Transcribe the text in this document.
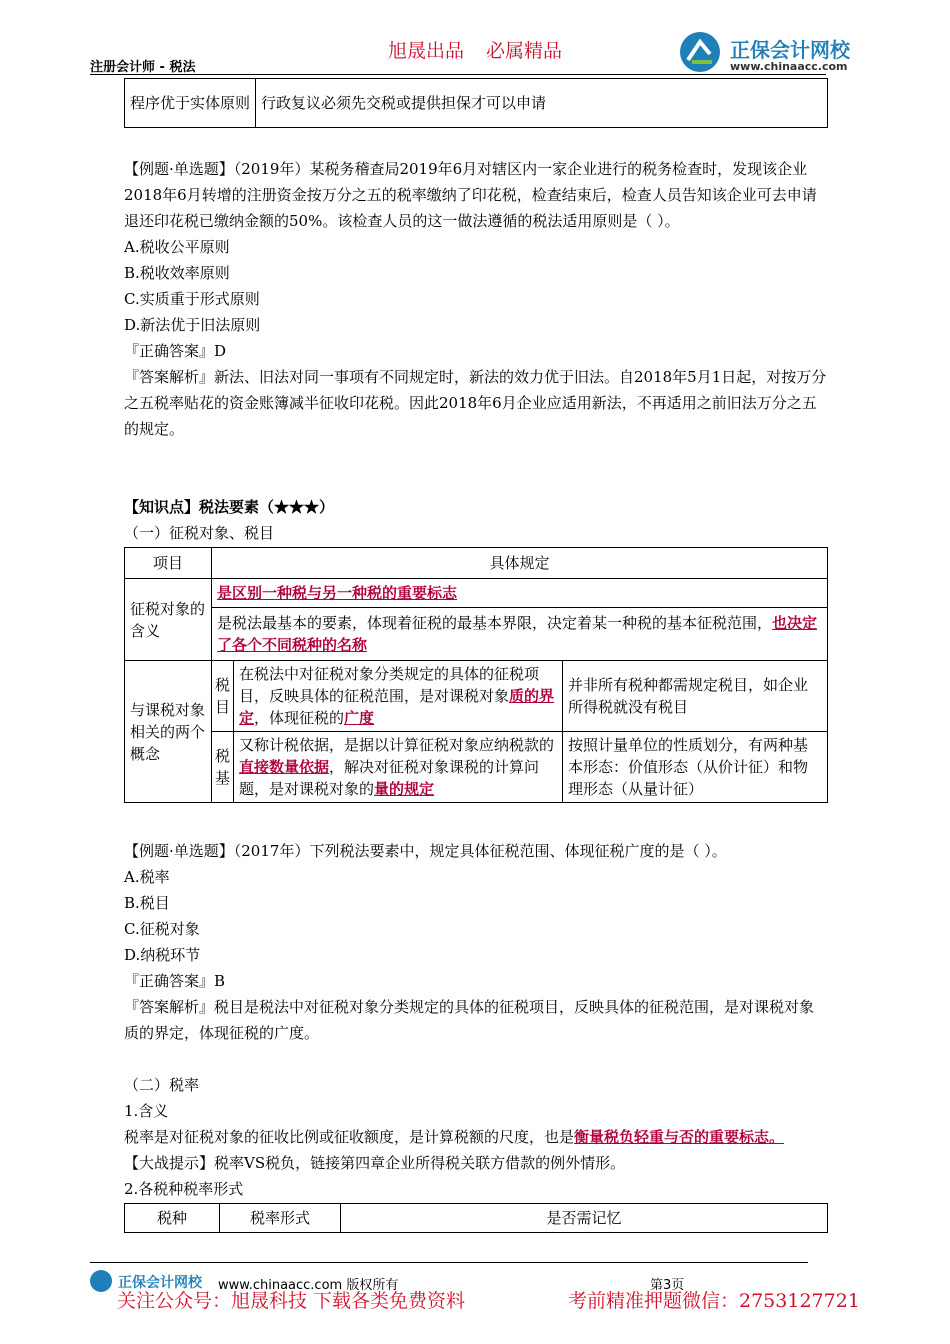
旭晟出品 必属精品
注册会计师 - 税法
正保会计网校
www.chinaacc.com
程序优于实体原则	行政复议必须先交税或提供担保才可以申请
【例题·单选题】（2019年）某税务稽查局2019年6月对辖区内一家企业进行的税务检查时，发现该企业2018年6月转增的注册资金按万分之五的税率缴纳了印花税，检查结束后，检查人员告知该企业可去申请退还印花税已缴纳金额的50%。该检查人员的这一做法遵循的税法适用原则是（ ）。
A.税收公平原则
B.税收效率原则
C.实质重于形式原则
D.新法优于旧法原则
『正确答案』D
『答案解析』新法、旧法对同一事项有不同规定时，新法的效力优于旧法。自2018年5月1日起，对按万分之五税率贴花的资金账簿减半征收印花税。因此2018年6月企业应适用新法，不再适用之前旧法万分之五的规定。
【知识点】税法要素（★★★）
（一）征税对象、税目
项目	具体规定		
征税对象的含义	是区别一种税与另一种税的重要标志		
	是税法最基本的要素，体现着征税的最基本界限，决定着某一种税的基本征税范围，也决定了各个不同税种的名称		
与课税对象相关的两个概念	税目	在税法中对征税对象分类规定的具体的征税项目，反映具体的征税范围，是对课税对象质的界定，体现征税的广度	并非所有税种都需规定税目，如企业所得税就没有税目
	税基	又称计税依据，是据以计算征税对象应纳税款的直接数量依据，解决对征税对象课税的计算问题，是对课税对象的量的规定	按照计量单位的性质划分，有两种基本形态：价值形态（从价计征）和物理形态（从量计征）
【例题·单选题】（2017年）下列税法要素中，规定具体征税范围、体现征税广度的是（ ）。
A.税率
B.税目
C.征税对象
D.纳税环节
『正确答案』B
『答案解析』税目是税法中对征税对象分类规定的具体的征税项目，反映具体的征税范围，是对课税对象质的界定，体现征税的广度。
（二）税率
1.含义
税率是对征税对象的征收比例或征收额度，是计算税额的尺度，也是衡量税负轻重与否的重要标志。
【大战提示】税率VS税负，链接第四章企业所得税关联方借款的例外情形。
2.各税种税率形式
税种	税率形式	是否需记忆
正保会计网校 www.chinaacc.com 版权所有	第3页
关注公众号：旭晟科技 下载各类免费资料	考前精准押题微信：2753127721
